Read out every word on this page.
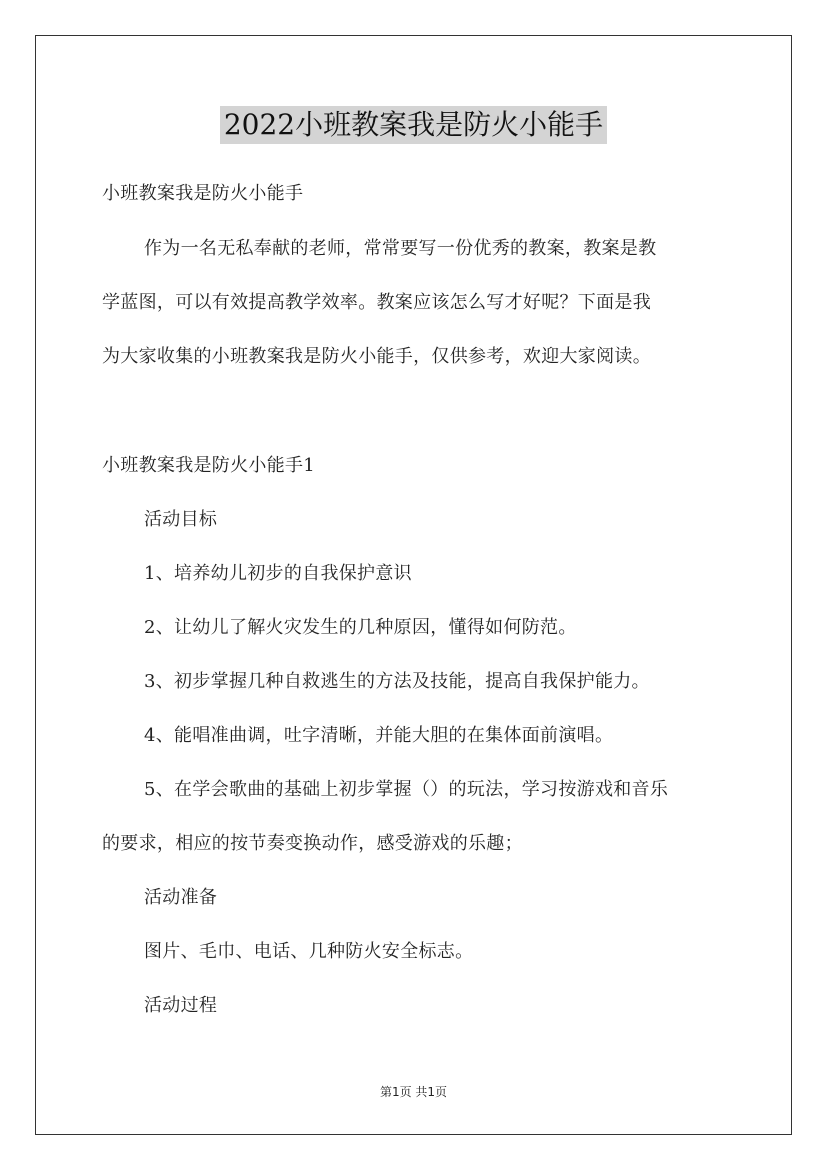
2022小班教案我是防火小能手
小班教案我是防火小能手
作为一名无私奉献的老师，常常要写一份优秀的教案，教案是教
学蓝图，可以有效提高教学效率。教案应该怎么写才好呢？下面是我
为大家收集的小班教案我是防火小能手，仅供参考，欢迎大家阅读。
小班教案我是防火小能手1
活动目标
1、培养幼儿初步的自我保护意识
2、让幼儿了解火灾发生的几种原因，懂得如何防范。
3、初步掌握几种自救逃生的方法及技能，提高自我保护能力。
4、能唱准曲调，吐字清晰，并能大胆的在集体面前演唱。
5、在学会歌曲的基础上初步掌握（）的玩法，学习按游戏和音乐
的要求，相应的按节奏变换动作，感受游戏的乐趣；
活动准备
图片、毛巾、电话、几种防火安全标志。
活动过程
第1页 共1页
